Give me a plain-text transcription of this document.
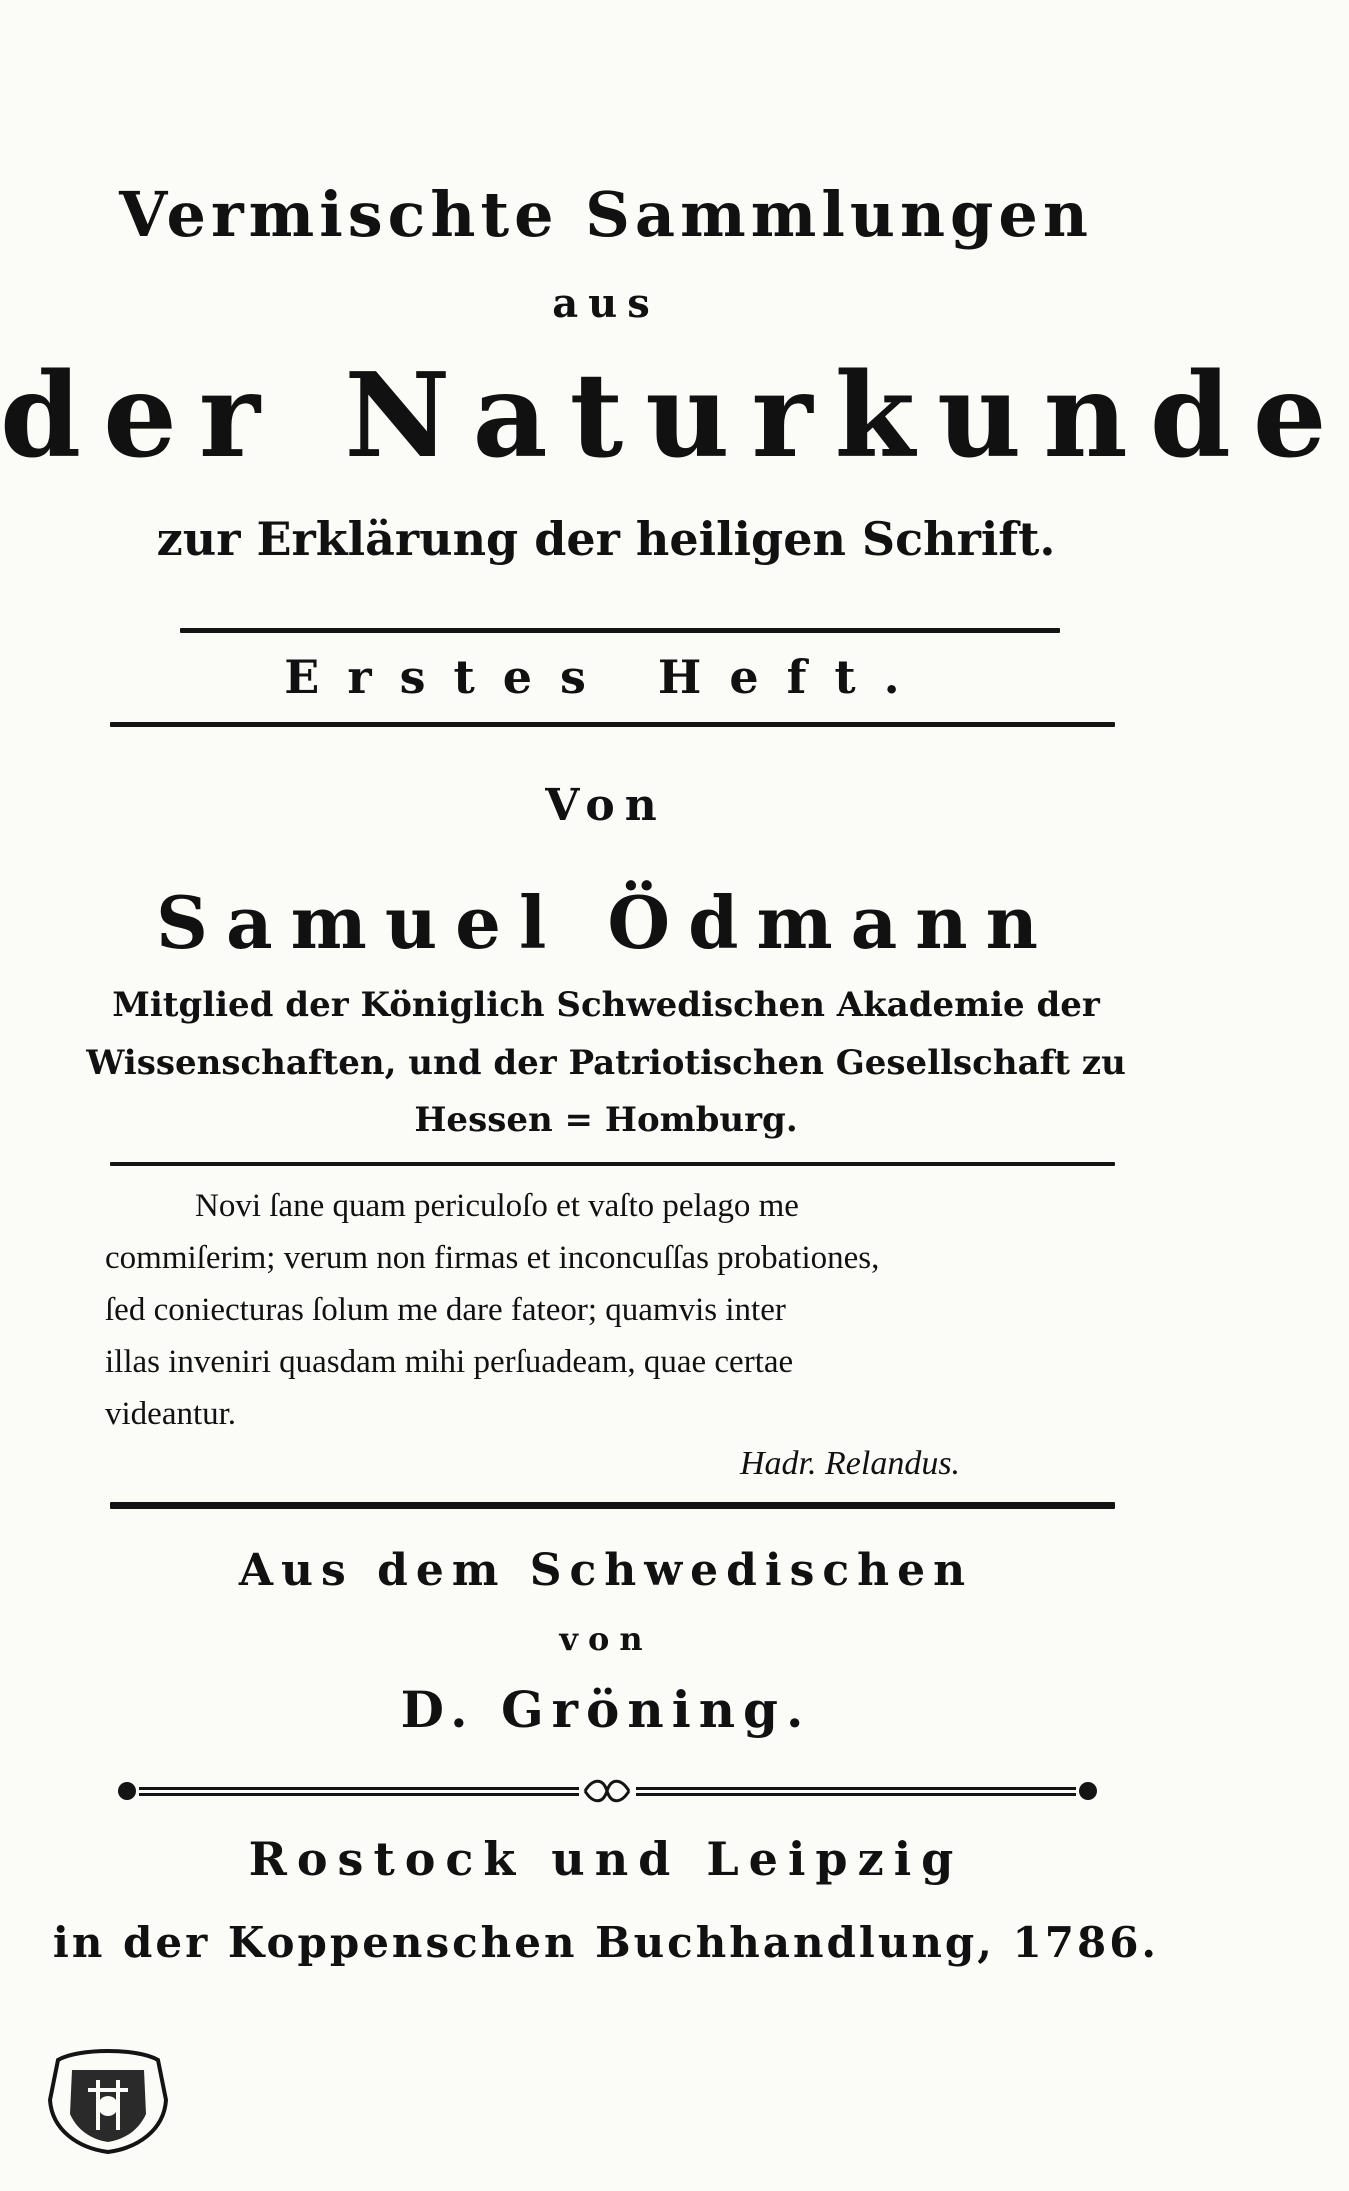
Vermischte Sammlungen
aus
der Naturkunde
zur Erklärung der heiligen Schrift.
Erstes Heft.
Von
Samuel Ödmann
Mitglied der Königlich Schwedischen Akademie der
Wissenschaften, und der Patriotischen Gesellschaft zu
Hessen = Homburg.
Novi ſane quam periculoſo et vaſto pelago me
commiſerim; verum non firmas et inconcuſſas probationes,
ſed coniecturas ſolum me dare fateor; quamvis inter
illas inveniri quasdam mihi perſuadeam, quae certae
videantur.
Hadr. Relandus.
Aus dem Schwedischen
von
D. Gröning.
Rostock und Leipzig
in der Koppenschen Buchhandlung, 1786.
